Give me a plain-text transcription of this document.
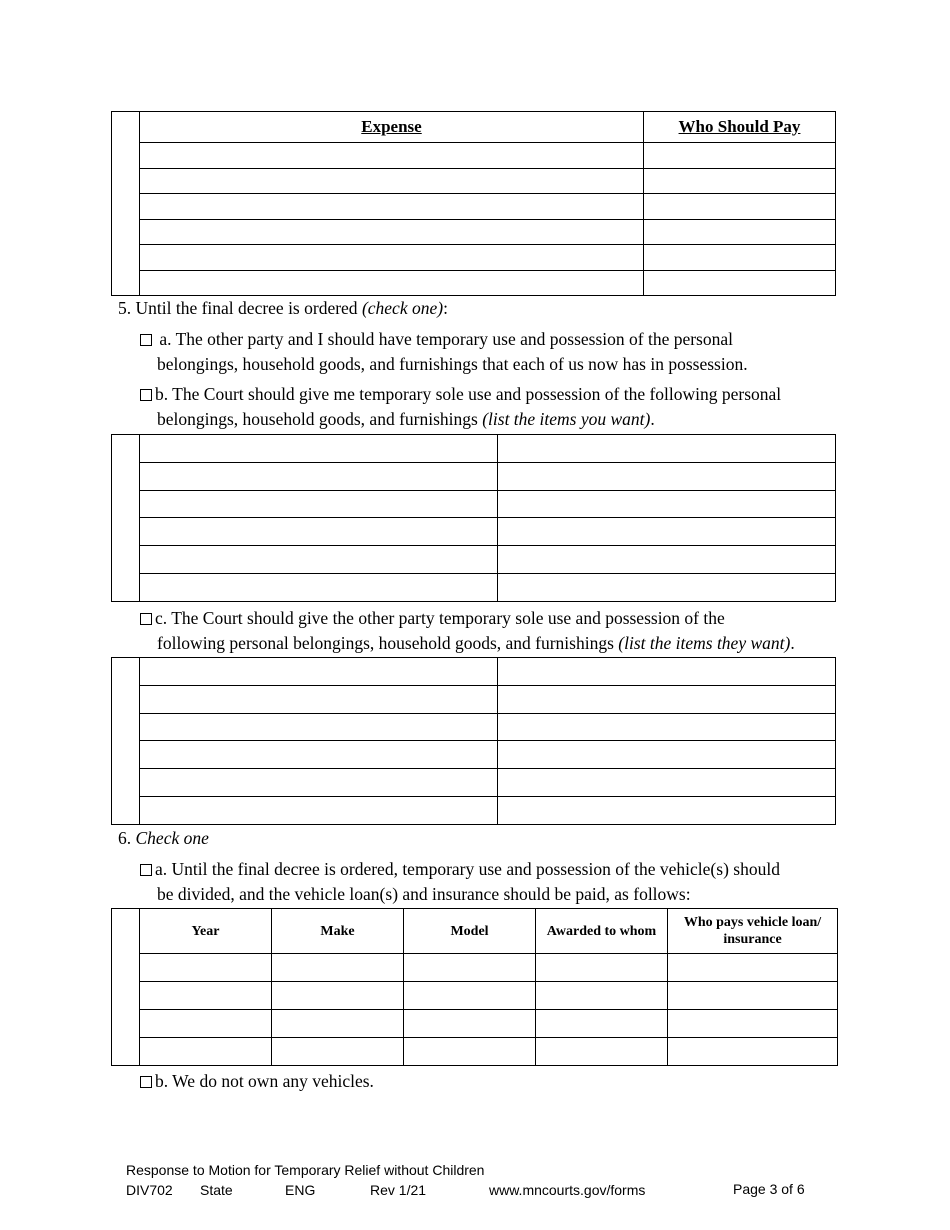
	Expense	Who Should Pay

5. Until the final decree is ordered (check one):
a. The other party and I should have temporary use and possession of the personal
belongings, household goods, and furnishings that each of us now has in possession.
b. The Court should give me temporary sole use and possession of the following personal
belongings, household goods, and furnishings (list the items you want).

c. The Court should give the other party temporary sole use and possession of the
following personal belongings, household goods, and furnishings (list the items they want).

6. Check one
a. Until the final decree is ordered, temporary use and possession of the vehicle(s) should
be divided, and the vehicle loan(s) and insurance should be paid, as follows:
	Year	Make	Model	Awarded to whom	Who pays vehicle loan/ insurance

b. We do not own any vehicles.
Response to Motion for Temporary Relief without Children
DIV702 State	ENG	Rev 1/21	www.mncourts.gov/forms	Page 3 of 6
